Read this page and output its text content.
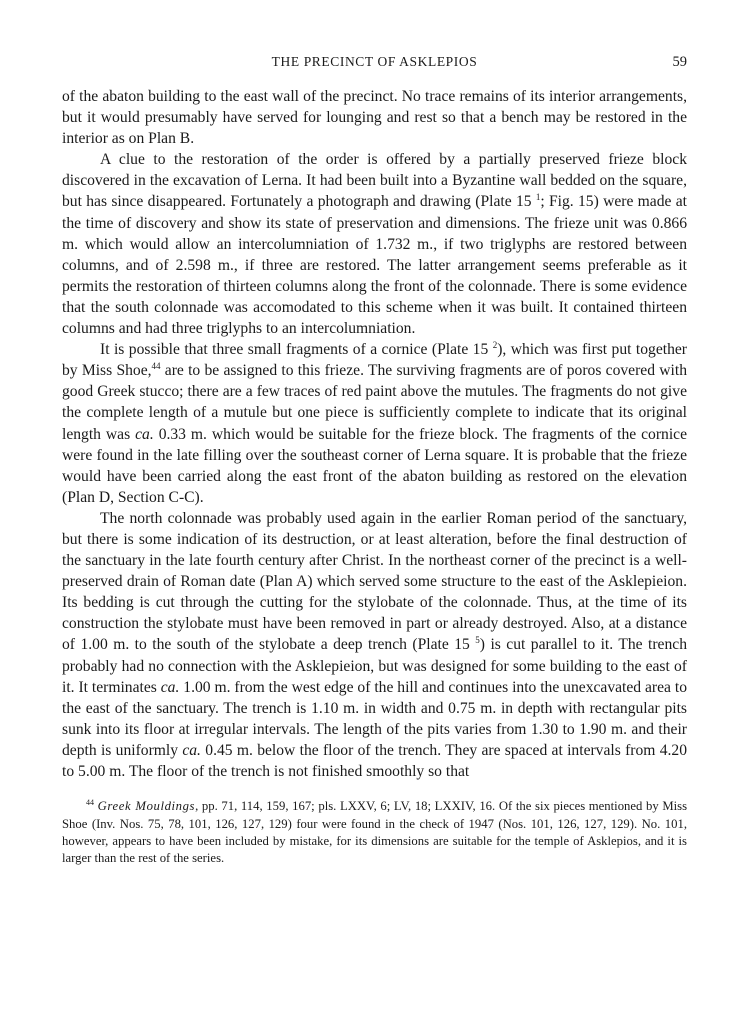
THE PRECINCT OF ASKLEPIOS	59

of the abaton building to the east wall of the precinct. No trace remains of its interior arrangements, but it would presumably have served for lounging and rest so that a bench may be restored in the interior as on Plan B.

A clue to the restoration of the order is offered by a partially preserved frieze block discovered in the excavation of Lerna. It had been built into a Byzantine wall bedded on the square, but has since disappeared. Fortunately a photograph and drawing (Plate 15 $^1$; Fig. 15) were made at the time of discovery and show its state of preservation and dimensions. The frieze unit was 0.866 m. which would allow an intercolumniation of 1.732 m., if two triglyphs are restored between columns, and of 2.598 m., if three are restored. The latter arrangement seems preferable as it permits the restoration of thirteen columns along the front of the colonnade. There is some evidence that the south colonnade was accomodated to this scheme when it was built. It contained thirteen columns and had three triglyphs to an intercolumniation.

It is possible that three small fragments of a cornice (Plate 15 $^2$), which was first put together by Miss Shoe,$^{44}$ are to be assigned to this frieze. The surviving fragments are of poros covered with good Greek stucco; there are a few traces of red paint above the mutules. The fragments do not give the complete length of a mutule but one piece is sufficiently complete to indicate that its original length was ca. 0.33 m. which would be suitable for the frieze block. The fragments of the cornice were found in the late filling over the southeast corner of Lerna square. It is probable that the frieze would have been carried along the east front of the abaton building as restored on the elevation (Plan D, Section C-C).

The north colonnade was probably used again in the earlier Roman period of the sanctuary, but there is some indication of its destruction, or at least alteration, before the final destruction of the sanctuary in the late fourth century after Christ. In the northeast corner of the precinct is a well-preserved drain of Roman date (Plan A) which served some structure to the east of the Asklepieion. Its bedding is cut through the cutting for the stylobate of the colonnade. Thus, at the time of its construction the stylobate must have been removed in part or already destroyed. Also, at a distance of 1.00 m. to the south of the stylobate a deep trench (Plate 15 $^5$) is cut parallel to it. The trench probably had no connection with the Asklepieion, but was designed for some building to the east of it. It terminates ca. 1.00 m. from the west edge of the hill and continues into the unexcavated area to the east of the sanctuary. The trench is 1.10 m. in width and 0.75 m. in depth with rectangular pits sunk into its floor at irregular intervals. The length of the pits varies from 1.30 to 1.90 m. and their depth is uniformly ca. 0.45 m. below the floor of the trench. They are spaced at intervals from 4.20 to 5.00 m. The floor of the trench is not finished smoothly so that

$^{44}$ Greek Mouldings, pp. 71, 114, 159, 167; pls. LXXV, 6; LV, 18; LXXIV, 16. Of the six pieces mentioned by Miss Shoe (Inv. Nos. 75, 78, 101, 126, 127, 129) four were found in the check of 1947 (Nos. 101, 126, 127, 129). No. 101, however, appears to have been included by mistake, for its dimensions are suitable for the temple of Asklepios, and it is larger than the rest of the series.
